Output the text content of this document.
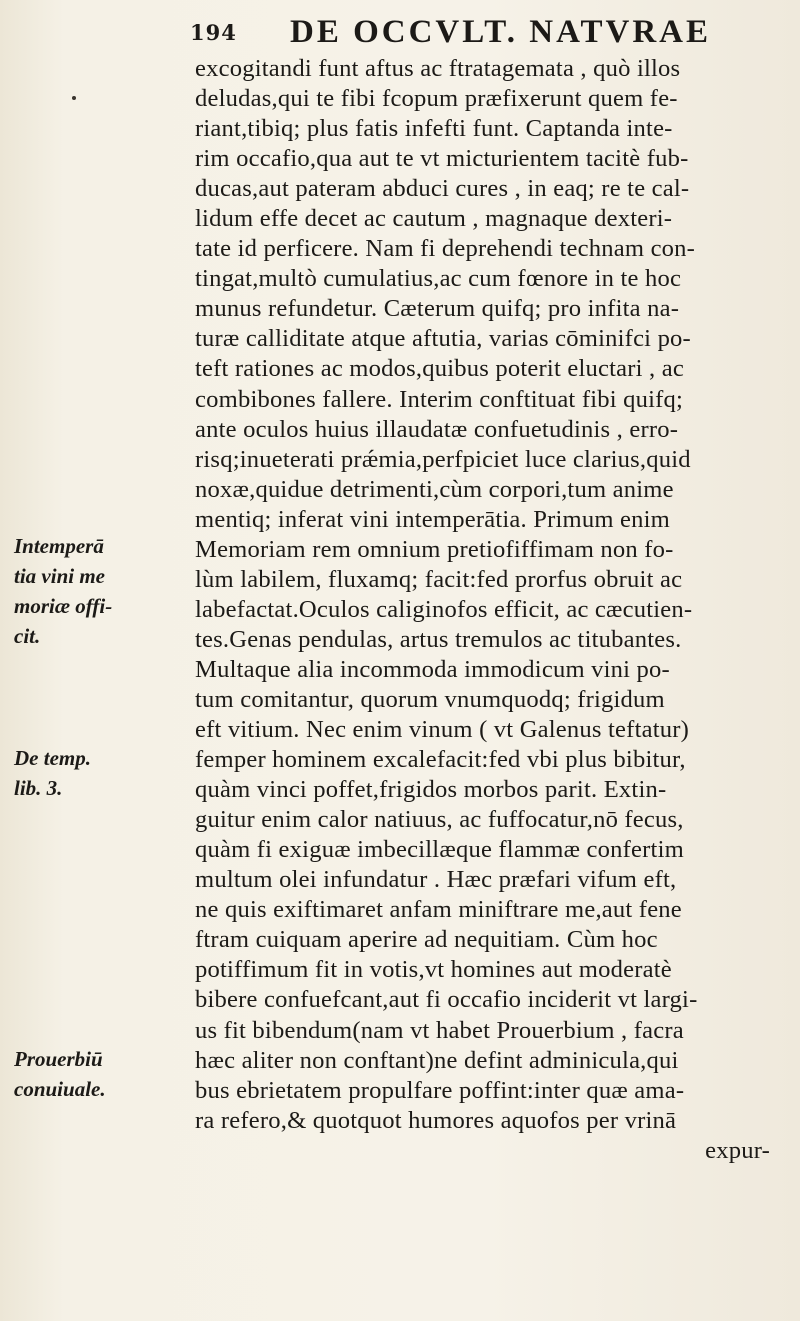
194 DE OCCVLT. NATVRAE
excogitandi funt aftus ac ftratagemata , quò illos
deludas,qui te fibi fcopum præfixerunt quem fe-
riant,tibiq; plus fatis infefti funt. Captanda inte-
rim occafio,qua aut te vt micturientem tacitè fub-
ducas,aut pateram abduci cures , in eaq; re te cal-
lidum effe decet ac cautum , magnaque dexteri-
tate id perficere. Nam fi deprehendi technam con-
tingat,multò cumulatius,ac cum fœnore in te hoc
munus refundetur. Cæterum quifq; pro infita na-
turæ calliditate atque aftutia, varias cōminifci po-
teft rationes ac modos,quibus poterit eluctari , ac
combibones fallere. Interim conftituat fibi quifq;
ante oculos huius illaudatæ confuetudinis , erro-
risq;inueterati prǽmia,perfpiciet luce clarius,quid
noxæ,quidue detrimenti,cùm corpori,tum anime
mentiq; inferat vini intemperātia. Primum enim
Memoriam rem omnium pretiofiffimam non fo-
lùm labilem, fluxamq; facit:fed prorfus obruit ac
labefactat.Oculos caliginofos efficit, ac cæcutien-
tes.Genas pendulas, artus tremulos ac titubantes.
Multaque alia incommoda immodicum vini po-
tum comitantur, quorum vnumquodq; frigidum
eft vitium. Nec enim vinum ( vt Galenus teftatur)
femper hominem excalefacit:fed vbi plus bibitur,
quàm vinci poffet,frigidos morbos parit. Extin-
guitur enim calor natiuus, ac fuffocatur,nō fecus,
quàm fi exiguæ imbecillæque flammæ confertim
multum olei infundatur . Hæc præfari vifum eft,
ne quis exiftimaret anfam miniftrare me,aut fene
ftram cuiquam aperire ad nequitiam. Cùm hoc
potiffimum fit in votis,vt homines aut moderatè
bibere confuefcant,aut fi occafio inciderit vt largi-
us fit bibendum(nam vt habet Prouerbium , facra
hæc aliter non conftant)ne defint adminicula,qui
bus ebrietatem propulfare poffint:inter quæ ama-
ra refero,& quotquot humores aquofos per vrinā
expur-
Intemperā
tia vini me
moriæ offi-
cit.
De temp.
lib. 3.
Prouerbiū
conuiuale.
